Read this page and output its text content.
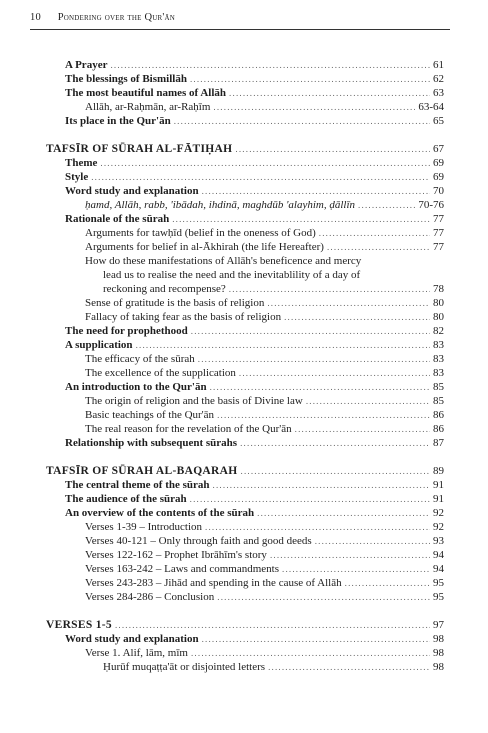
10 Pondering over the Qur'ān
A Prayer .....	61
The blessings of Bismillāh .....	62
The most beautiful names of Allāh .....	63
Allāh, ar-Raḥmān, ar-Raḥīm .....	63-64
Its place in the Qur'ān .....	65
TAFSĪR OF SŪRAH AL-FĀTIḤAH .....	67
Theme .....	69
Style .....	69
Word study and explanation .....	70
ḥamd, Allāh, rabb, 'ibādah, ihdinā, maghdūb 'alayhim, ḍāllīn .....	70-76
Rationale of the sūrah .....	77
Arguments for tawḥīd (belief in the oneness of God) .....	77
Arguments for belief in al-Ākhirah (the life Hereafter) .....	77
How do these manifestations of Allāh's beneficence and mercy
lead us to realise the need and the inevitablility of a day of
reckoning and recompense? .....	78
Sense of gratitude is the basis of religion .....	80
Fallacy of taking fear as the basis of religion .....	80
The need for prophethood .....	82
A supplication .....	83
The efficacy of the sūrah .....	83
The excellence of the supplication .....	83
An introduction to the Qur'ān .....	85
The origin of religion and the basis of Divine law .....	85
Basic teachings of the Qur'ān .....	86
The real reason for the revelation of the Qur'ān .....	86
Relationship with subsequent sūrahs .....	87
TAFSĪR OF SŪRAH AL-BAQARAH .....	89
The central theme of the sūrah .....	91
The audience of the sūrah .....	91
An overview of the contents of the sūrah .....	92
Verses 1-39 – Introduction .....	92
Verses 40-121 – Only through faith and good deeds .....	93
Verses 122-162 – Prophet Ibrāhīm's story .....	94
Verses 163-242 – Laws and commandments .....	94
Verses 243-283 – Jihād and spending in the cause of Allāh .....	95
Verses 284-286 – Conclusion .....	95
VERSES 1-5 .....	97
Word study and explanation .....	98
Verse 1. Alif, lām, mīm .....	98
Ḥurūf muqaṭṭa'āt or disjointed letters .....	98
